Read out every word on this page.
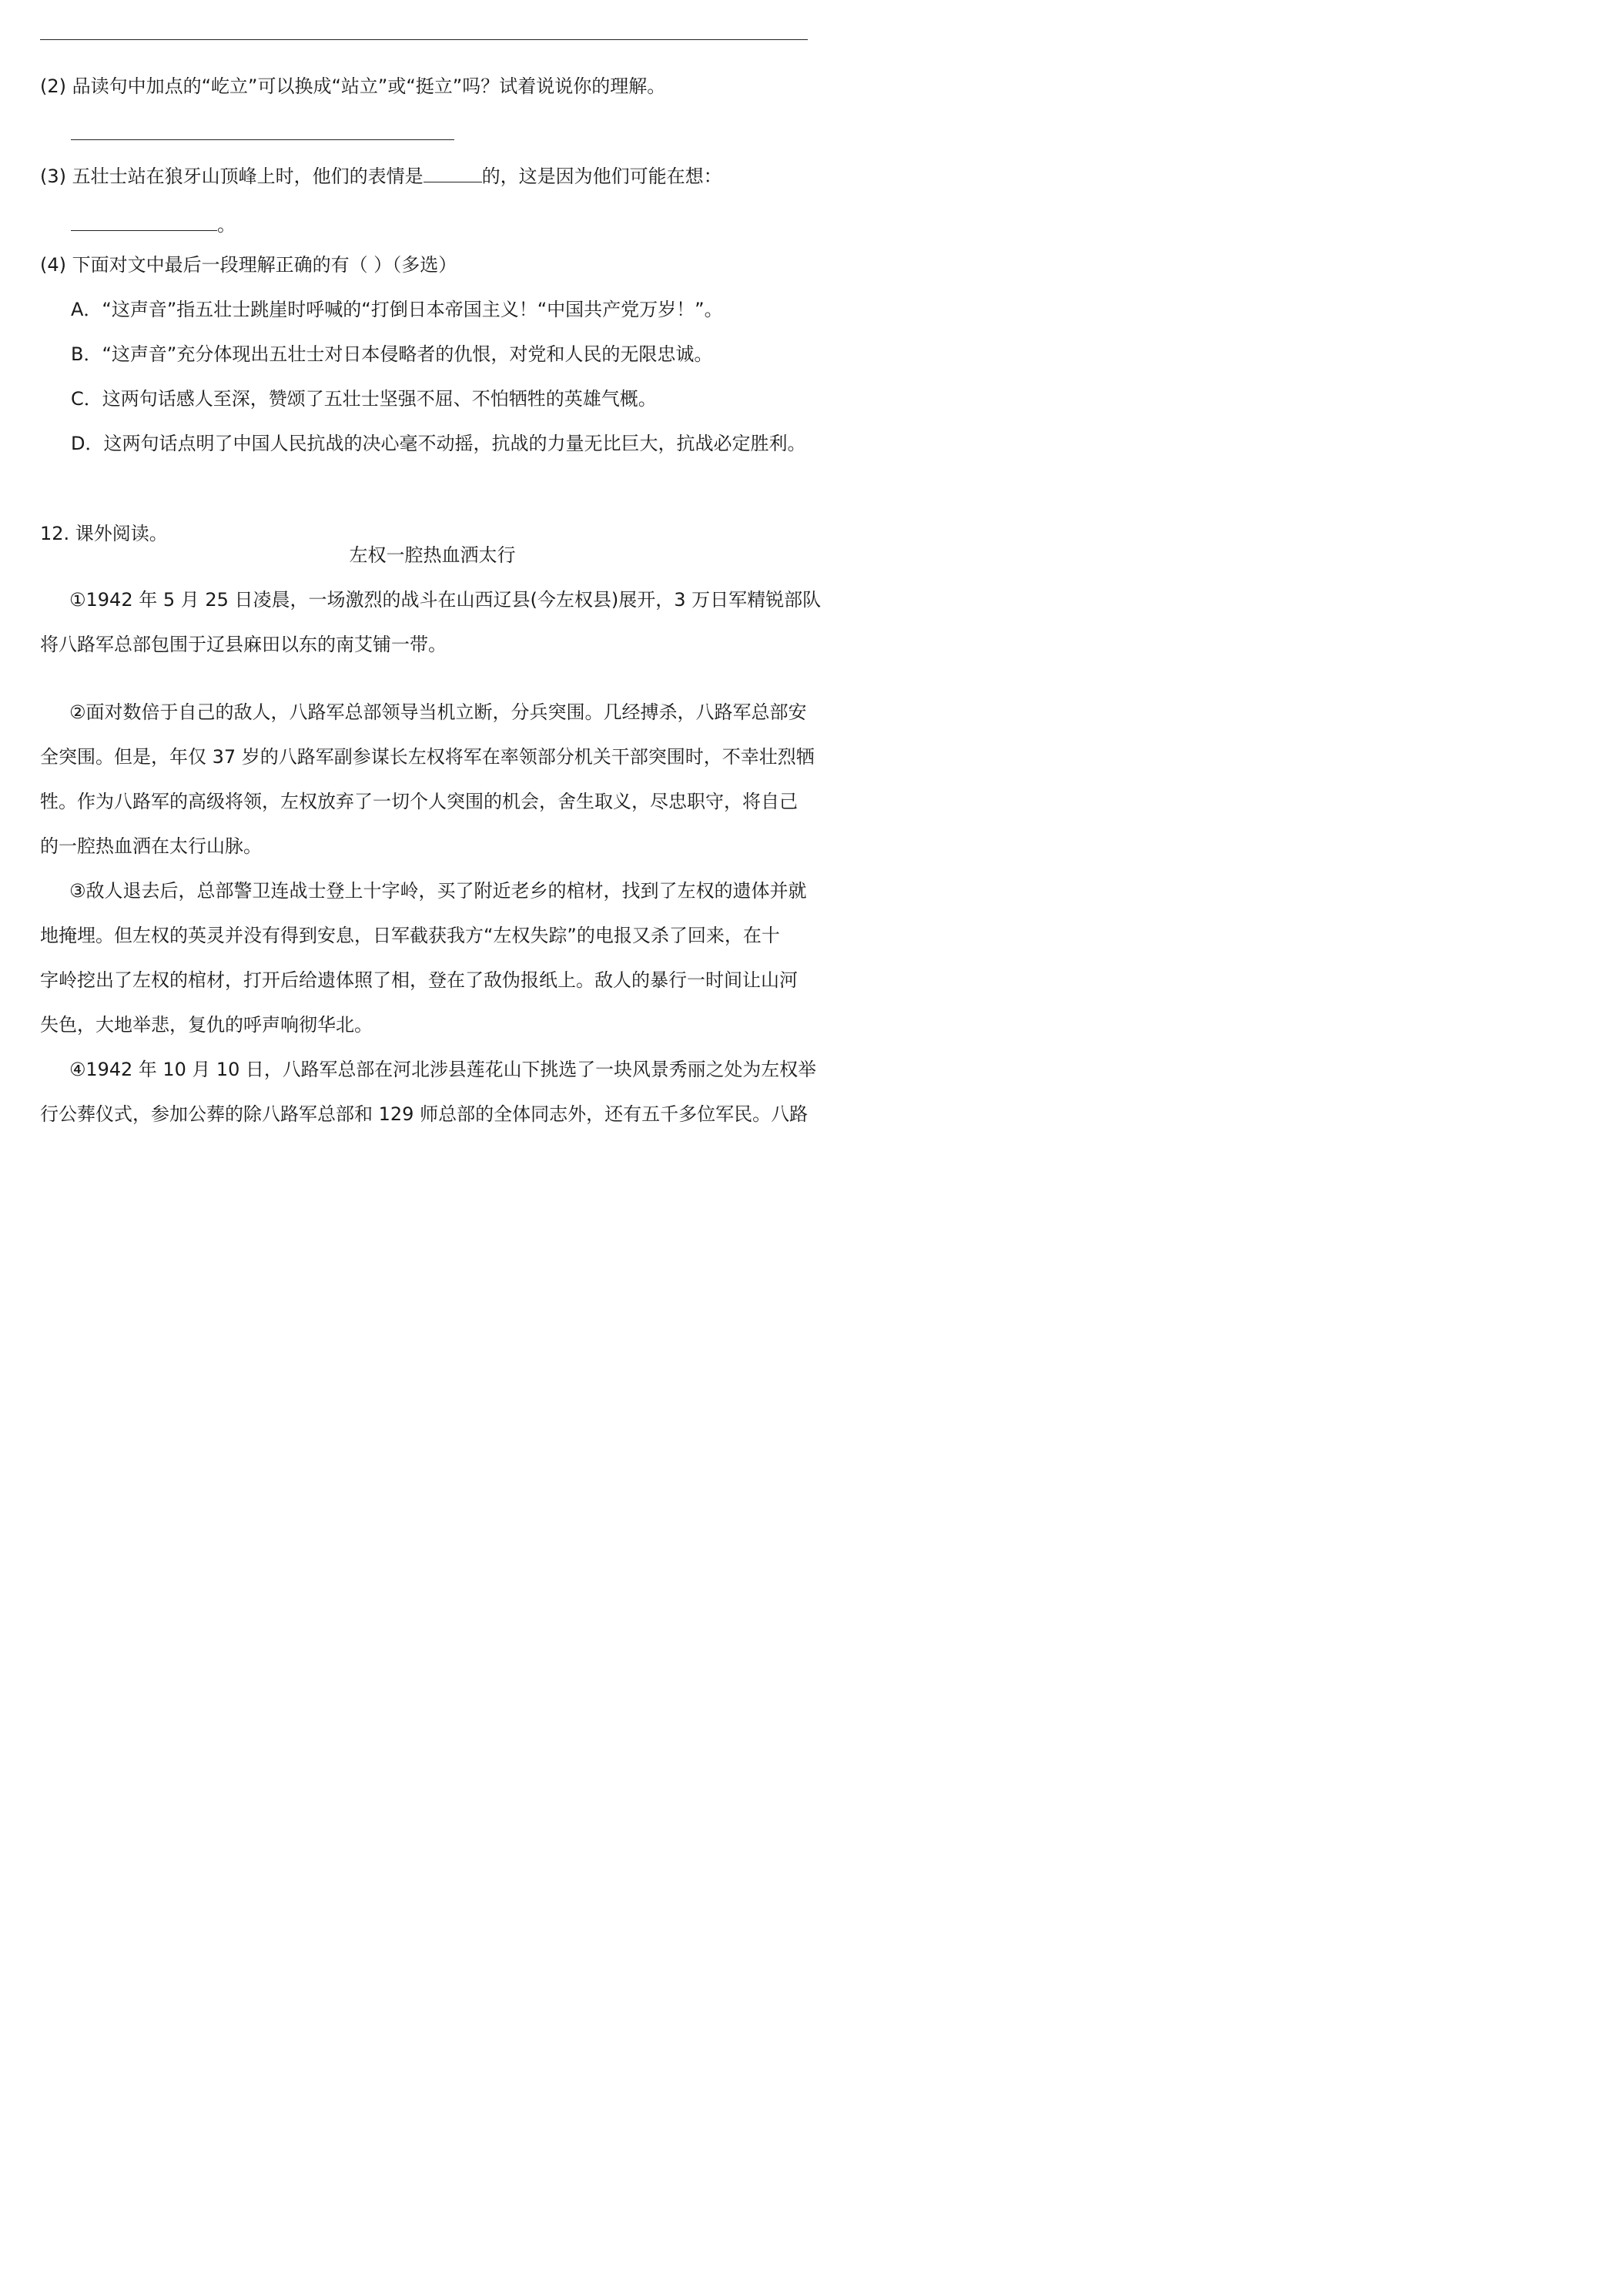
(2) 品读句中加点的“屹立”可以换成“站立”或“挺立”吗？试着说说你的理解。
(3) 五壮士站在狼牙山顶峰上时，他们的表情是	的，这是因为他们可能在想：
。
(4) 下面对文中最后一段理解正确的有（ ）（多选）
A．“这声音”指五壮士跳崖时呼喊的“打倒日本帝国主义！“中国共产党万岁！”。
B．“这声音”充分体现出五壮士对日本侵略者的仇恨，对党和人民的无限忠诚。
C．这两句话感人至深，赞颂了五壮士坚强不屈、不怕牺牲的英雄气概。
D．这两句话点明了中国人民抗战的决心毫不动摇，抗战的力量无比巨大，抗战必定胜利。
12. 课外阅读。
左权一腔热血洒太行
①1942 年 5 月 25 日凌晨，一场激烈的战斗在山西辽县(今左权县)展开，3 万日军精锐部队
将八路军总部包围于辽县麻田以东的南艾铺一带。
②面对数倍于自己的敌人，八路军总部领导当机立断，分兵突围。几经搏杀，八路军总部安
全突围。但是，年仅 37 岁的八路军副参谋长左权将军在率领部分机关干部突围时，不幸壮烈牺
牲。作为八路军的高级将领，左权放弃了一切个人突围的机会，舍生取义，尽忠职守，将自己
的一腔热血洒在太行山脉。
③敌人退去后，总部警卫连战士登上十字岭，买了附近老乡的棺材，找到了左权的遗体并就
地掩埋。但左权的英灵并没有得到安息，日军截获我方“左权失踪”的电报又杀了回来，在十
字岭挖出了左权的棺材，打开后给遗体照了相，登在了敌伪报纸上。敌人的暴行一时间让山河
失色，大地举悲，复仇的呼声响彻华北。
④1942 年 10 月 10 日，八路军总部在河北涉县莲花山下挑选了一块风景秀丽之处为左权举
行公葬仪式，参加公葬的除八路军总部和 129 师总部的全体同志外，还有五千多位军民。八路
